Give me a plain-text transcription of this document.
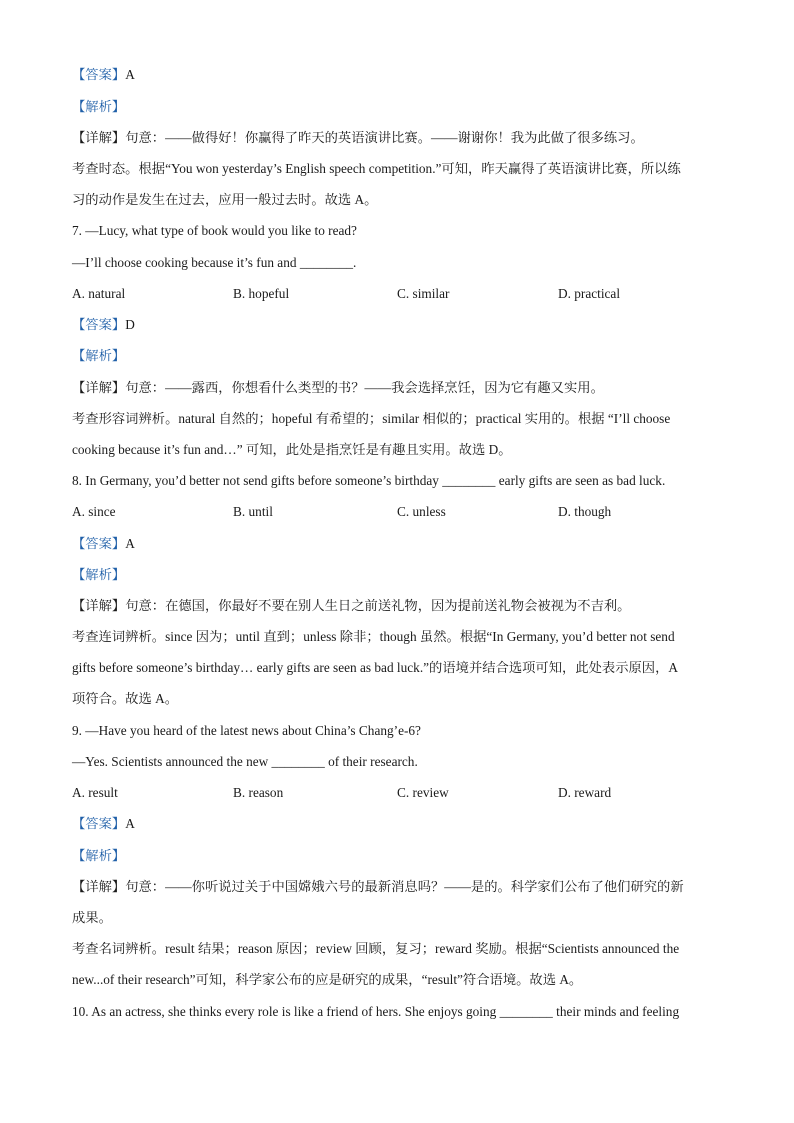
【答案】A
【解析】
【详解】句意：——做得好！你赢得了昨天的英语演讲比赛。——谢谢你！我为此做了很多练习。
考查时态。根据“You won yesterday’s English speech competition.”可知，昨天赢得了英语演讲比赛，所以练
习的动作是发生在过去，应用一般过去时。故选 A。
7. —Lucy, what type of book would you like to read?
—I’ll choose cooking because it’s fun and ________.
A. natural	B. hopeful	C. similar	D. practical
【答案】D
【解析】
【详解】句意：——露西，你想看什么类型的书？——我会选择烹饪，因为它有趣又实用。
考查形容词辨析。natural 自然的；hopeful 有希望的；similar 相似的；practical 实用的。根据 “I’ll choose
cooking because it’s fun and…” 可知，此处是指烹饪是有趣且实用。故选 D。
8. In Germany, you’d better not send gifts before someone’s birthday ________ early gifts are seen as bad luck.
A. since	B. until	C. unless	D. though
【答案】A
【解析】
【详解】句意：在德国，你最好不要在别人生日之前送礼物，因为提前送礼物会被视为不吉利。
考查连词辨析。since 因为；until 直到；unless 除非；though 虽然。根据“In Germany, you’d better not send
gifts before someone’s birthday… early gifts are seen as bad luck.”的语境并结合选项可知，此处表示原因，A
项符合。故选 A。
9. —Have you heard of the latest news about China’s Chang’e-6?
—Yes. Scientists announced the new ________ of their research.
A. result	B. reason	C. review	D. reward
【答案】A
【解析】
【详解】句意：——你听说过关于中国嫦娥六号的最新消息吗？——是的。科学家们公布了他们研究的新
成果。
考查名词辨析。result 结果；reason 原因；review 回顾，复习；reward 奖励。根据“Scientists announced the
new...of their research”可知，科学家公布的应是研究的成果，“result”符合语境。故选 A。
10. As an actress, she thinks every role is like a friend of hers. She enjoys going ________ their minds and feeling
